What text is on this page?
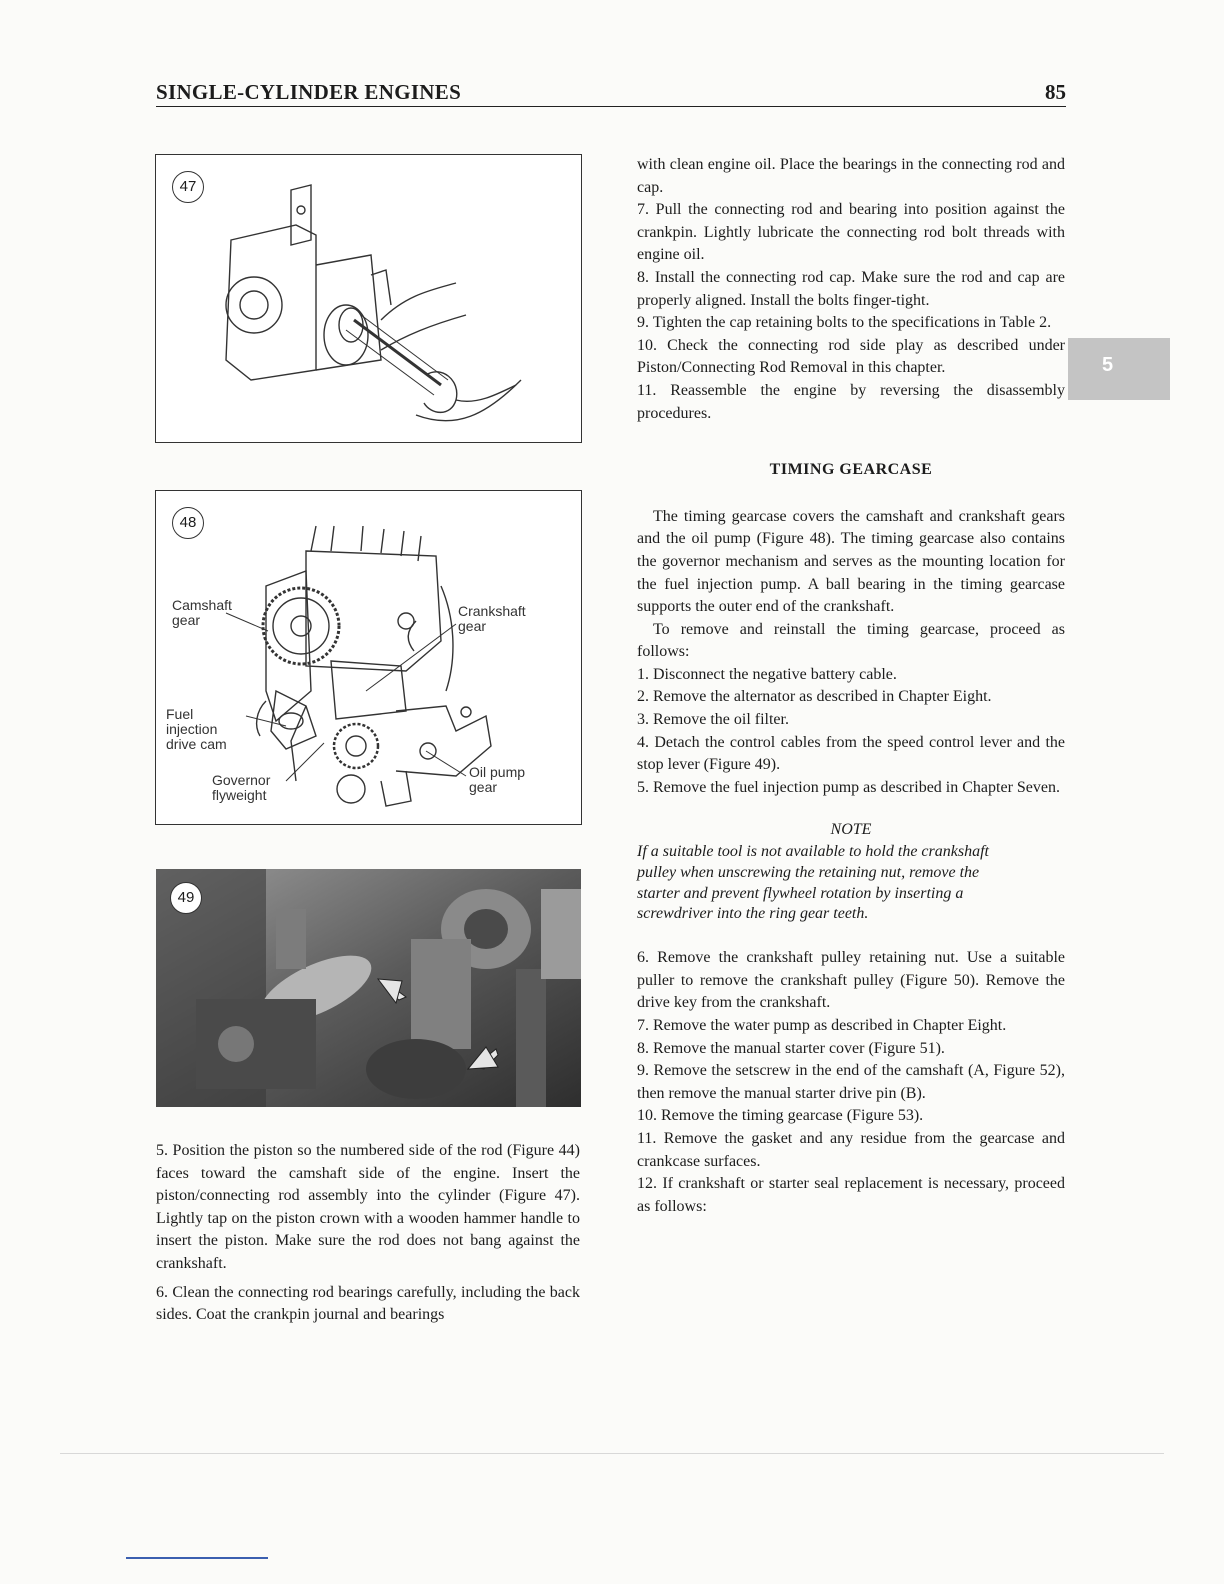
SINGLE-CYLINDER ENGINES	85
47
48
Camshaft gear
Crankshaft gear
Fuel injection drive cam
Governor flyweight
Oil pump gear
49

5. Position the piston so the numbered side of the rod (Figure 44) faces toward the camshaft side of the engine. Insert the piston/connecting rod assembly into the cylinder (Figure 47). Lightly tap on the piston crown with a wooden hammer handle to insert the piston. Make sure the rod does not bang against the crankshaft.

6. Clean the connecting rod bearings carefully, including the back sides. Coat the crankpin journal and bearings

with clean engine oil. Place the bearings in the connecting rod and cap.

7. Pull the connecting rod and bearing into position against the crankpin. Lightly lubricate the connecting rod bolt threads with engine oil.

8. Install the connecting rod cap. Make sure the rod and cap are properly aligned. Install the bolts finger-tight.

9. Tighten the cap retaining bolts to the specifications in Table 2.

10. Check the connecting rod side play as described under Piston/Connecting Rod Removal in this chapter.

11. Reassemble the engine by reversing the disassembly procedures.

TIMING GEARCASE

The timing gearcase covers the camshaft and crankshaft gears and the oil pump (Figure 48). The timing gearcase also contains the governor mechanism and serves as the mounting location for the fuel injection pump. A ball bearing in the timing gearcase supports the outer end of the crankshaft.

To remove and reinstall the timing gearcase, proceed as follows:

1. Disconnect the negative battery cable.

2. Remove the alternator as described in Chapter Eight.

3. Remove the oil filter.

4. Detach the control cables from the speed control lever and the stop lever (Figure 49).

5. Remove the fuel injection pump as described in Chapter Seven.

NOTE

If a suitable tool is not available to hold the crankshaft pulley when unscrewing the retaining nut, remove the starter and prevent flywheel rotation by inserting a screwdriver into the ring gear teeth.

6. Remove the crankshaft pulley retaining nut. Use a suitable puller to remove the crankshaft pulley (Figure 50). Remove the drive key from the crankshaft.

7. Remove the water pump as described in Chapter Eight.

8. Remove the manual starter cover (Figure 51).

9. Remove the setscrew in the end of the camshaft (A, Figure 52), then remove the manual starter drive pin (B).

10. Remove the timing gearcase (Figure 53).

11. Remove the gasket and any residue from the gearcase and crankcase surfaces.

12. If crankshaft or starter seal replacement is necessary, proceed as follows:

5
